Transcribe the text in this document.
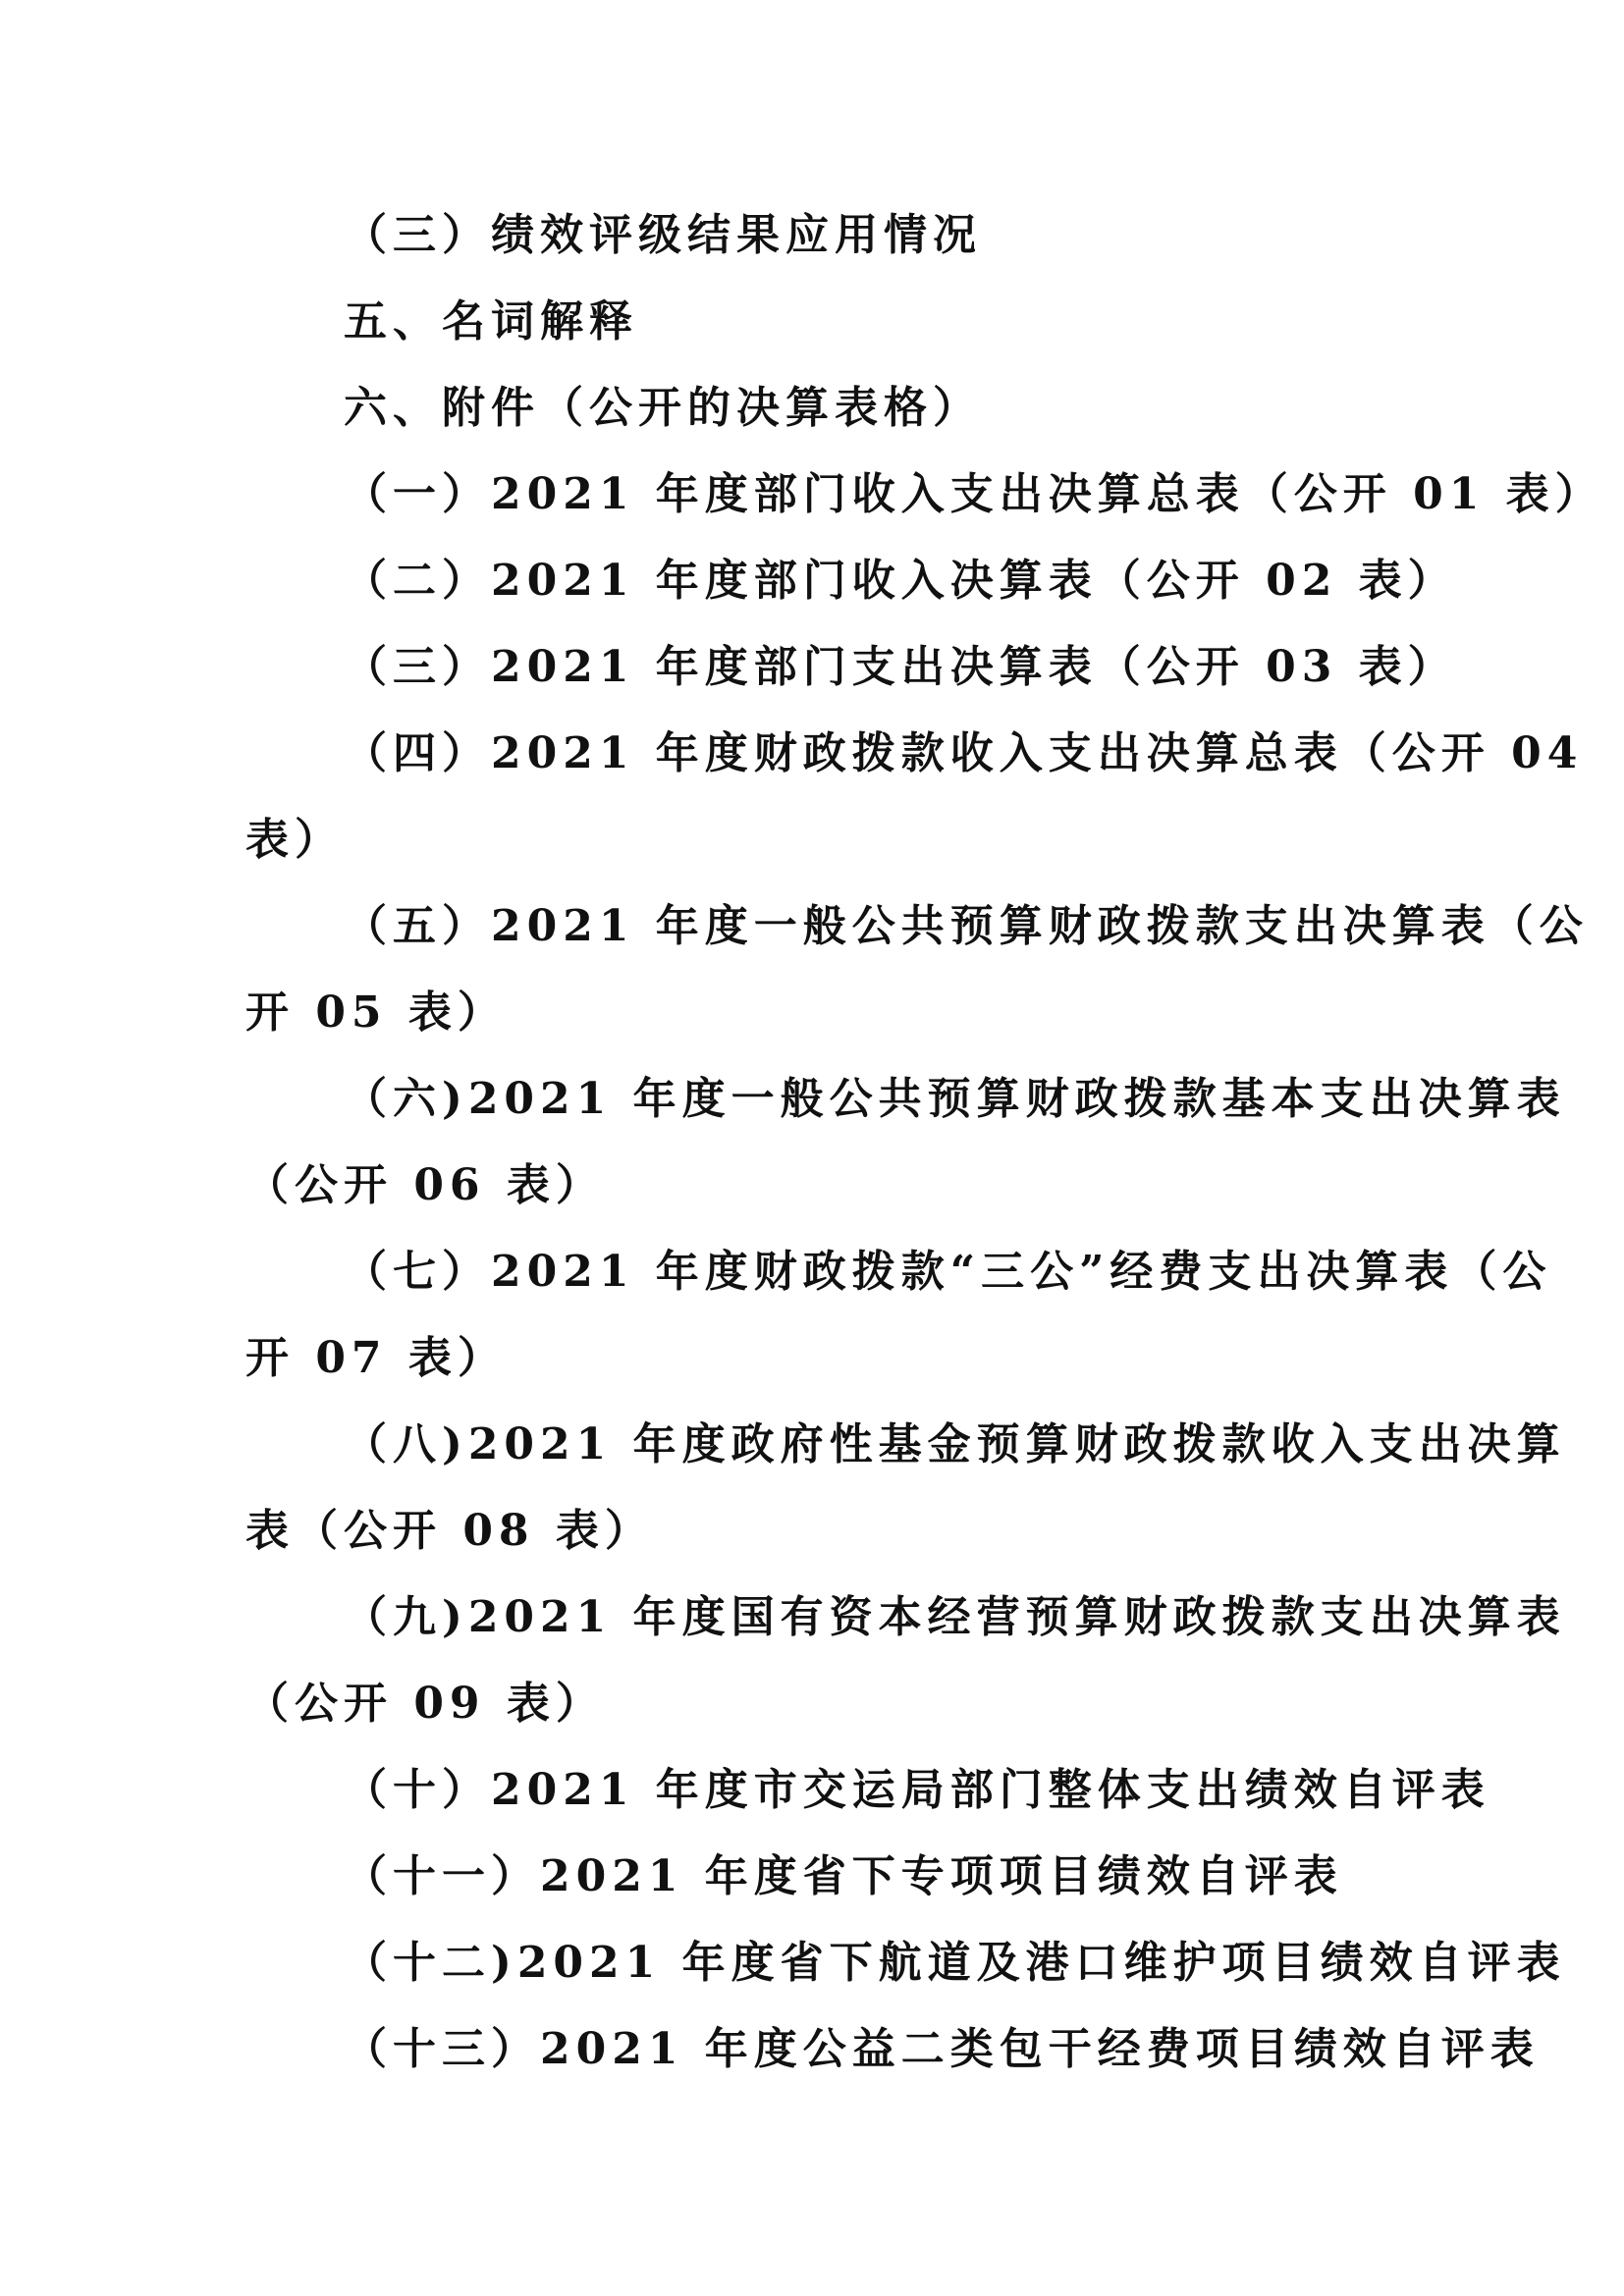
（三）绩效评级结果应用情况
五、名词解释
六、附件（公开的决算表格）
（一）2021 年度部门收入支出决算总表（公开 01 表）
（二）2021 年度部门收入决算表（公开 02 表）
（三）2021 年度部门支出决算表（公开 03 表）
（四）2021 年度财政拨款收入支出决算总表（公开 04
表）
（五）2021 年度一般公共预算财政拨款支出决算表（公
开 05 表）
（六)2021 年度一般公共预算财政拨款基本支出决算表
（公开 06 表）
（七）2021 年度财政拨款“三公”经费支出决算表（公
开 07 表）
（八)2021 年度政府性基金预算财政拨款收入支出决算
表（公开 08 表）
（九)2021 年度国有资本经营预算财政拨款支出决算表
（公开 09 表）
（十）2021 年度市交运局部门整体支出绩效自评表
（十一）2021 年度省下专项项目绩效自评表
（十二)2021 年度省下航道及港口维护项目绩效自评表
（十三）2021 年度公益二类包干经费项目绩效自评表
